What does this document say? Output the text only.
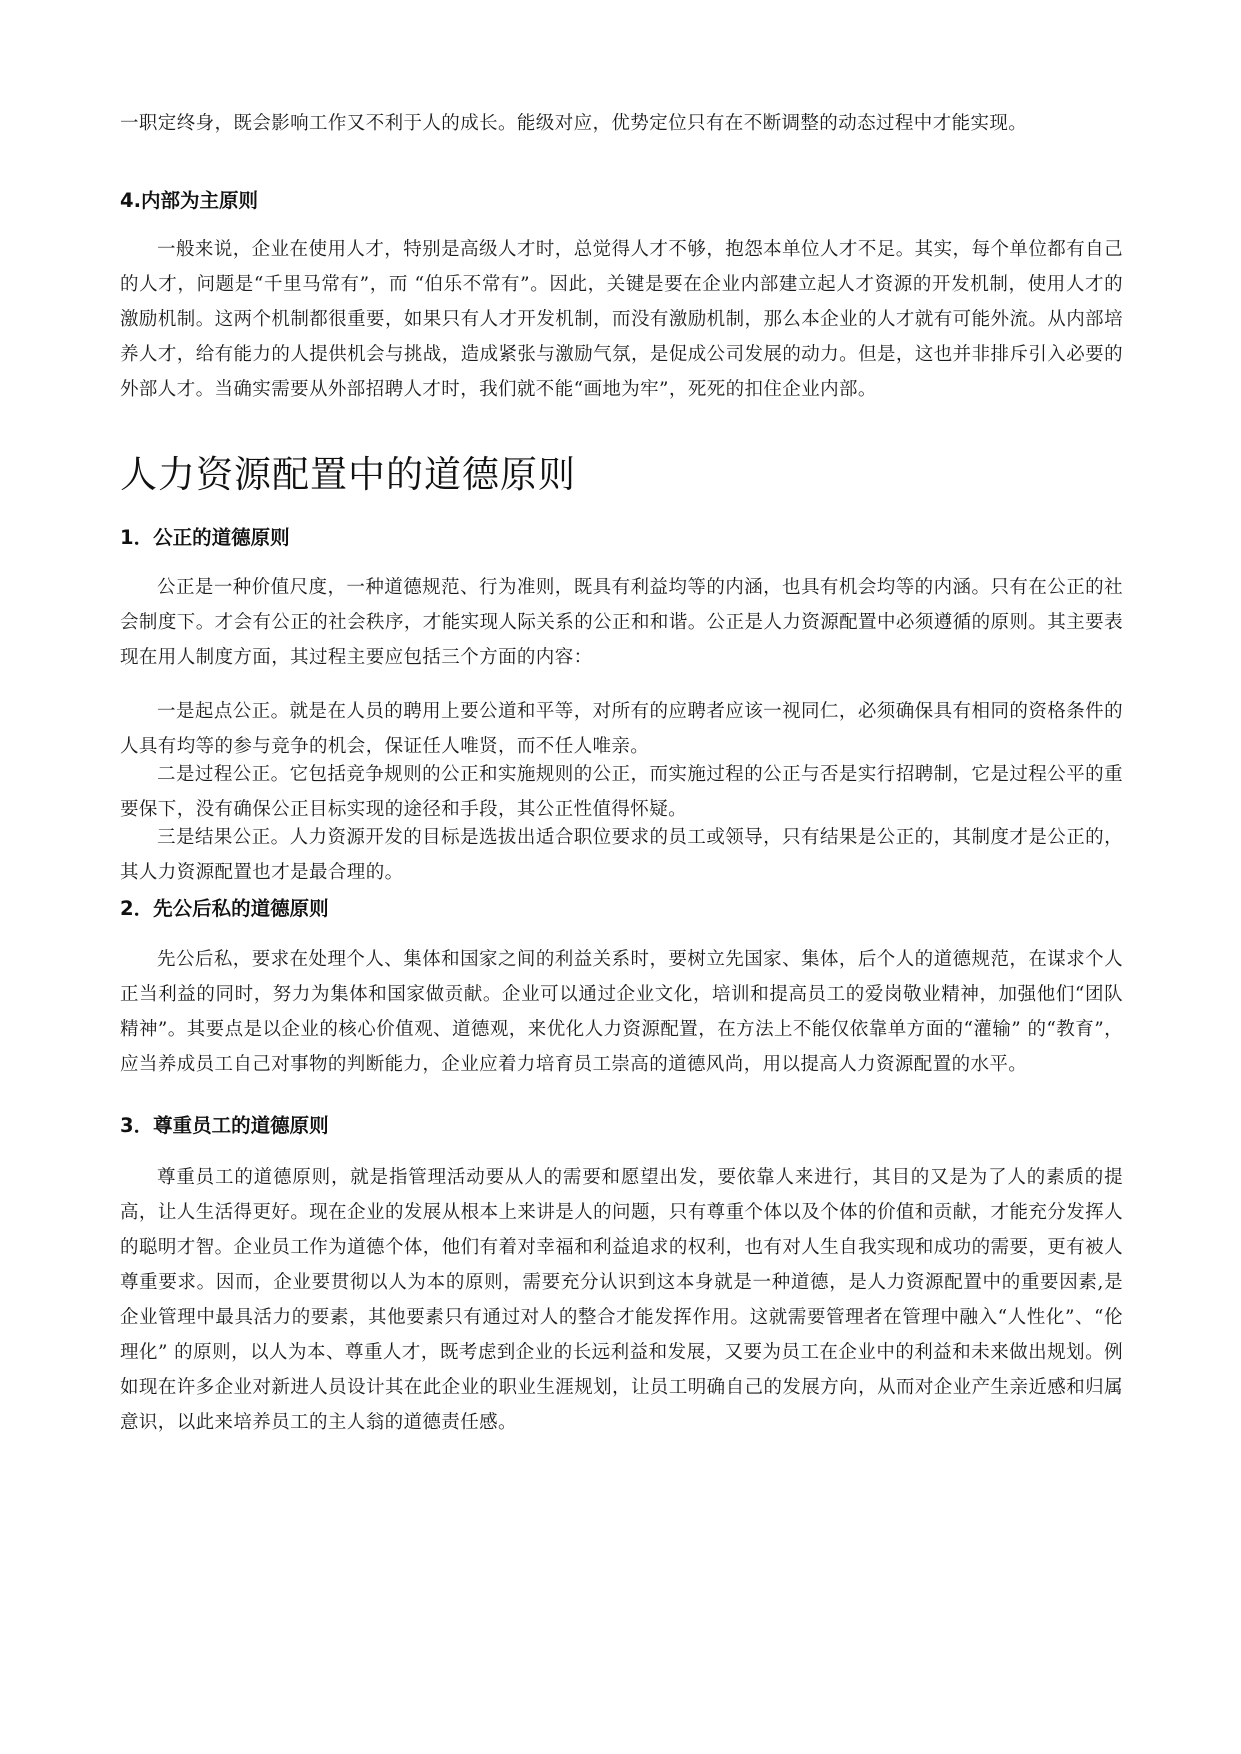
一职定终身，既会影响工作又不利于人的成长。能级对应，优势定位只有在不断调整的动态过程中才能实现。

4.内部为主原则

一般来说，企业在使用人才，特别是高级人才时，总觉得人才不够，抱怨本单位人才不足。其实，每个单位都有自己的人才，问题是“千里马常有”，而 “伯乐不常有”。因此，关键是要在企业内部建立起人才资源的开发机制，使用人才的激励机制。这两个机制都很重要，如果只有人才开发机制，而没有激励机制，那么本企业的人才就有可能外流。从内部培养人才，给有能力的人提供机会与挑战，造成紧张与激励气氛，是促成公司发展的动力。但是，这也并非排斥引入必要的外部人才。当确实需要从外部招聘人才时，我们就不能“画地为牢”，死死的扣住企业内部。

人力资源配置中的道德原则
1．公正的道德原则

公正是一种价值尺度，一种道德规范、行为准则，既具有利益均等的内涵，也具有机会均等的内涵。只有在公正的社会制度下。才会有公正的社会秩序，才能实现人际关系的公正和和谐。公正是人力资源配置中必须遵循的原则。其主要表现在用人制度方面，其过程主要应包括三个方面的内容：

一是起点公正。就是在人员的聘用上要公道和平等，对所有的应聘者应该一视同仁，必须确保具有相同的资格条件的人具有均等的参与竞争的机会，保证任人唯贤，而不任人唯亲。

二是过程公正。它包括竞争规则的公正和实施规则的公正，而实施过程的公正与否是实行招聘制，它是过程公平的重要保下，没有确保公正目标实现的途径和手段，其公正性值得怀疑。

三是结果公正。人力资源开发的目标是选拔出适合职位要求的员工或领导，只有结果是公正的，其制度才是公正的，其人力资源配置也才是最合理的。

2．先公后私的道德原则

先公后私，要求在处理个人、集体和国家之间的利益关系时，要树立先国家、集体，后个人的道德规范，在谋求个人正当利益的同时，努力为集体和国家做贡献。企业可以通过企业文化，培训和提高员工的爱岗敬业精神，加强他们“团队精神”。其要点是以企业的核心价值观、道德观，来优化人力资源配置，在方法上不能仅依靠单方面的“灌输” 的“教育”，应当养成员工自己对事物的判断能力，企业应着力培育员工崇高的道德风尚，用以提高人力资源配置的水平。

3．尊重员工的道德原则

尊重员工的道德原则，就是指管理活动要从人的需要和愿望出发，要依靠人来进行，其目的又是为了人的素质的提高，让人生活得更好。现在企业的发展从根本上来讲是人的问题，只有尊重个体以及个体的价值和贡献，才能充分发挥人的聪明才智。企业员工作为道德个体，他们有着对幸福和利益追求的权利，也有对人生自我实现和成功的需要，更有被人尊重要求。因而，企业要贯彻以人为本的原则，需要充分认识到这本身就是一种道德，是人力资源配置中的重要因素,是企业管理中最具活力的要素，其他要素只有通过对人的整合才能发挥作用。这就需要管理者在管理中融入“人性化”、“伦理化” 的原则，以人为本、尊重人才，既考虑到企业的长远利益和发展，又要为员工在企业中的利益和未来做出规划。例如现在许多企业对新进人员设计其在此企业的职业生涯规划，让员工明确自己的发展方向，从而对企业产生亲近感和归属意识，以此来培养员工的主人翁的道德责任感。
